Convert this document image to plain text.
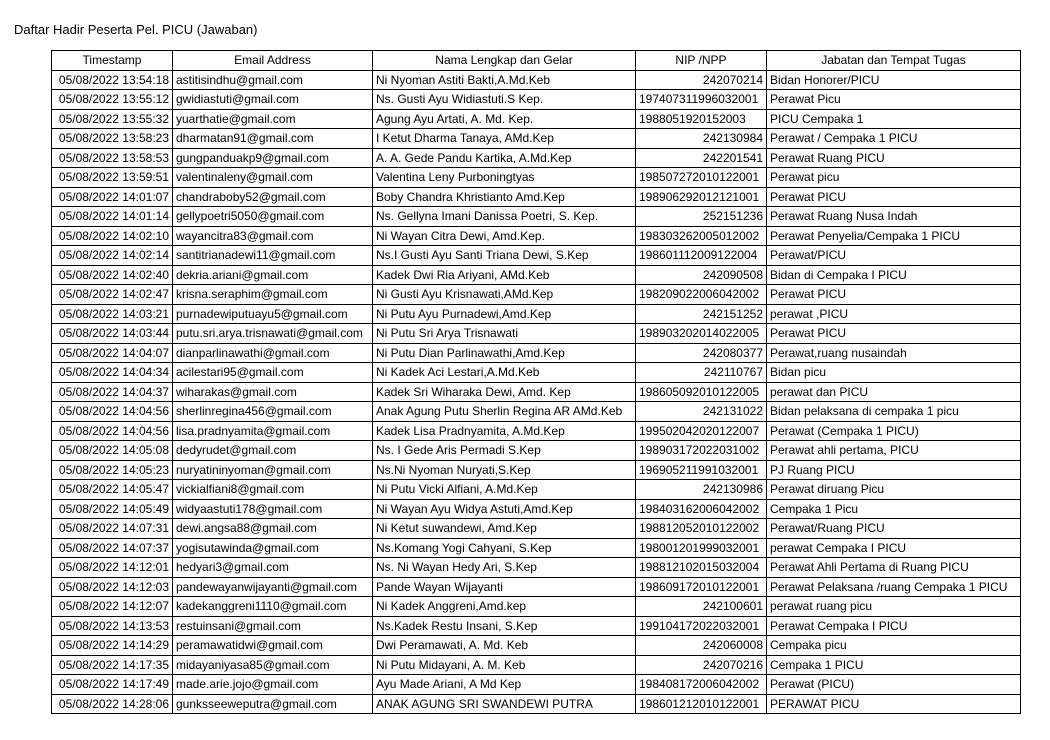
Daftar Hadir Peserta Pel. PICU (Jawaban)
Timestamp	Email Address	Nama Lengkap dan Gelar	NIP /NPP	Jabatan dan Tempat Tugas
05/08/2022 13:54:18	astitisindhu@gmail.com	Ni Nyoman Astiti Bakti,A.Md.Keb	242070214	Bidan Honorer/PICU
05/08/2022 13:55:12	gwidiastuti@gmail.com	Ns. Gusti Ayu Widiastuti.S Kep.	197407311996032001	Perawat Picu
05/08/2022 13:55:32	yuarthatie@gmail.com	Agung Ayu Artati, A. Md. Kep.	1988051920152003	PICU Cempaka 1
05/08/2022 13:58:23	dharmatan91@gmail.com	I Ketut Dharma Tanaya, AMd.Kep	242130984	Perawat / Cempaka 1 PICU
05/08/2022 13:58:53	gungpanduakp9@gmail.com	A. A. Gede Pandu Kartika, A.Md.Kep	242201541	Perawat Ruang PICU
05/08/2022 13:59:51	valentinaleny@gmail.com	Valentina Leny Purboningtyas	198507272010122001	Perawat picu
05/08/2022 14:01:07	chandraboby52@gmail.com	Boby Chandra Khristianto Amd.Kep	198906292012121001	Perawat PICU
05/08/2022 14:01:14	gellypoetri5050@gmail.com	Ns. Gellyna Imani Danissa Poetri, S. Kep.	252151236	Perawat Ruang Nusa Indah
05/08/2022 14:02:10	wayancitra83@gmail.com	Ni Wayan Citra Dewi, Amd.Kep.	198303262005012002	Perawat Penyelia/Cempaka 1 PICU
05/08/2022 14:02:14	santitrianadewi11@gmail.com	Ns.I Gusti Ayu Santi Triana Dewi, S.Kep	198601112009122004	Perawat/PICU
05/08/2022 14:02:40	dekria.ariani@gmail.com	Kadek Dwi Ria Ariyani, AMd.Keb	242090508	Bidan di Cempaka I PICU
05/08/2022 14:02:47	krisna.seraphim@gmail.com	Ni Gusti Ayu Krisnawati,AMd.Kep	198209022006042002	Perawat PICU
05/08/2022 14:03:21	purnadewiputuayu5@gmail.com	Ni Putu Ayu Purnadewi,Amd.Kep	242151252	perawat ,PICU
05/08/2022 14:03:44	putu.sri.arya.trisnawati@gmail.com	Ni Putu Sri Arya Trisnawati	198903202014022005	Perawat PICU
05/08/2022 14:04:07	dianparlinawathi@gmail.com	Ni Putu Dian Parlinawathi,Amd.Kep	242080377	Perawat,ruang nusaindah
05/08/2022 14:04:34	acilestari95@gmail.com	Ni Kadek Aci Lestari,A.Md.Keb	242110767	Bidan picu
05/08/2022 14:04:37	wiharakas@gmail.com	Kadek Sri Wiharaka Dewi, Amd. Kep	198605092010122005	perawat dan PICU
05/08/2022 14:04:56	sherlinregina456@gmail.com	Anak Agung Putu Sherlin Regina AR AMd.Keb	242131022	Bidan pelaksana di cempaka 1 picu
05/08/2022 14:04:56	lisa.pradnyamita@gmail.com	Kadek Lisa Pradnyamita, A.Md.Kep	199502042020122007	Perawat (Cempaka 1 PICU)
05/08/2022 14:05:08	dedyrudet@gmail.com	Ns. I Gede Aris Permadi S.Kep	198903172022031002	Perawat ahli pertama, PICU
05/08/2022 14:05:23	nuryatininyoman@gmail.com	Ns.Ni Nyoman Nuryati,S.Kep	196905211991032001	PJ Ruang PICU
05/08/2022 14:05:47	vickialfiani8@gmail.com	Ni Putu Vicki Alfiani, A.Md.Kep	242130986	Perawat diruang Picu
05/08/2022 14:05:49	widyaastuti178@gmail.com	Ni Wayan Ayu Widya Astuti,Amd.Kep	198403162006042002	Cempaka 1 Picu
05/08/2022 14:07:31	dewi.angsa88@gmail.com	Ni Ketut suwandewi, Amd.Kep	198812052010122002	Perawat/Ruang PICU
05/08/2022 14:07:37	yogisutawinda@gmail.com	Ns.Komang Yogi Cahyani, S.Kep	198001201999032001	perawat Cempaka I PICU
05/08/2022 14:12:01	hedyari3@gmail.com	Ns. Ni Wayan Hedy Ari, S.Kep	198812102015032004	Perawat Ahli Pertama di Ruang PICU
05/08/2022 14:12:03	pandewayanwijayanti@gmail.com	Pande Wayan Wijayanti	198609172010122001	Perawat Pelaksana /ruang Cempaka 1 PICU
05/08/2022 14:12:07	kadekanggreni1110@gmail.com	Ni Kadek Anggreni,Amd.kep	242100601	perawat ruang picu
05/08/2022 14:13:53	restuinsani@gmail.com	Ns.Kadek Restu Insani, S.Kep	199104172022032001	Perawat Cempaka I PICU
05/08/2022 14:14:29	peramawatidwi@gmail.com	Dwi Peramawati, A. Md. Keb	242060008	Cempaka picu
05/08/2022 14:17:35	midayaniyasa85@gmail.com	Ni Putu Midayani, A. M. Keb	242070216	Cempaka 1 PICU
05/08/2022 14:17:49	made.arie.jojo@gmail.com	Ayu Made Ariani, A Md Kep	198408172006042002	Perawat (PICU)
05/08/2022 14:28:06	gunksseeweputra@gmail.com	ANAK AGUNG SRI SWANDEWI PUTRA	198601212010122001	PERAWAT PICU
